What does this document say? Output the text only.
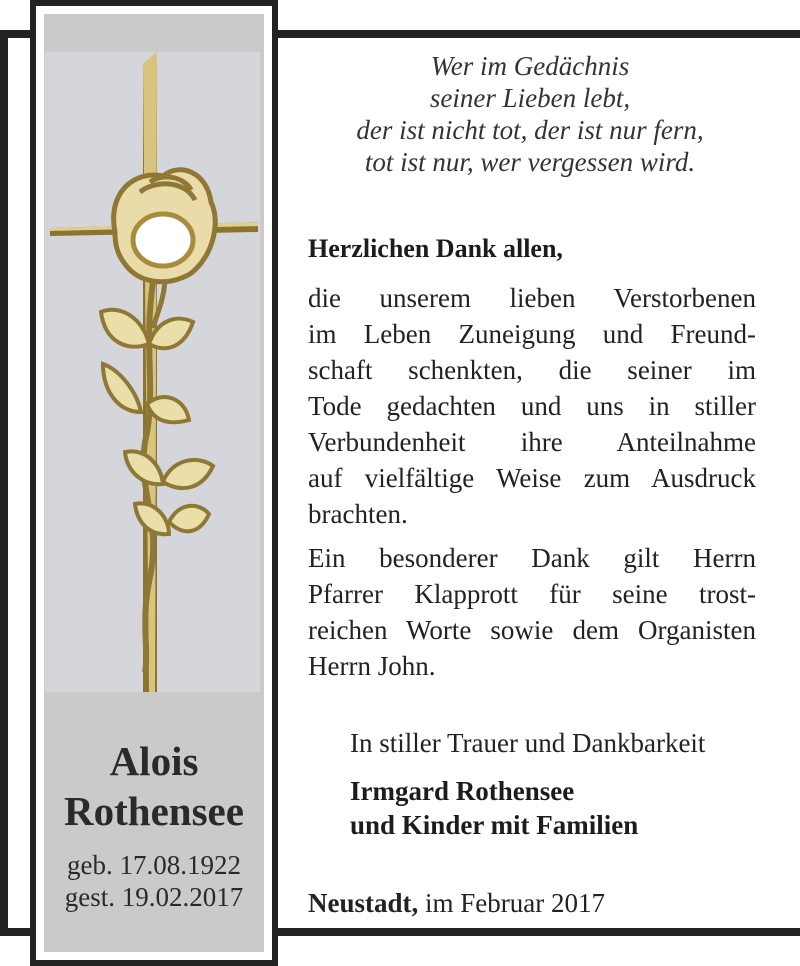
Alois
Rothensee
geb. 17.08.1922
gest. 19.02.2017
Wer im Gedächnis
seiner Lieben lebt,
der ist nicht tot, der ist nur fern,
tot ist nur, wer vergessen wird.
Herzlichen Dank allen,
die unserem lieben Verstorbenen
im Leben Zuneigung und Freund-
schaft schenkten, die seiner im
Tode gedachten und uns in stiller
Verbundenheit ihre Anteilnahme
auf vielfältige Weise zum Ausdruck
brachten.
Ein besonderer Dank gilt Herrn
Pfarrer Klapprott für seine trost-
reichen Worte sowie dem Organisten
Herrn John.
In stiller Trauer und Dankbarkeit
Irmgard Rothensee
und Kinder mit Familien
Neustadt, im Februar 2017
